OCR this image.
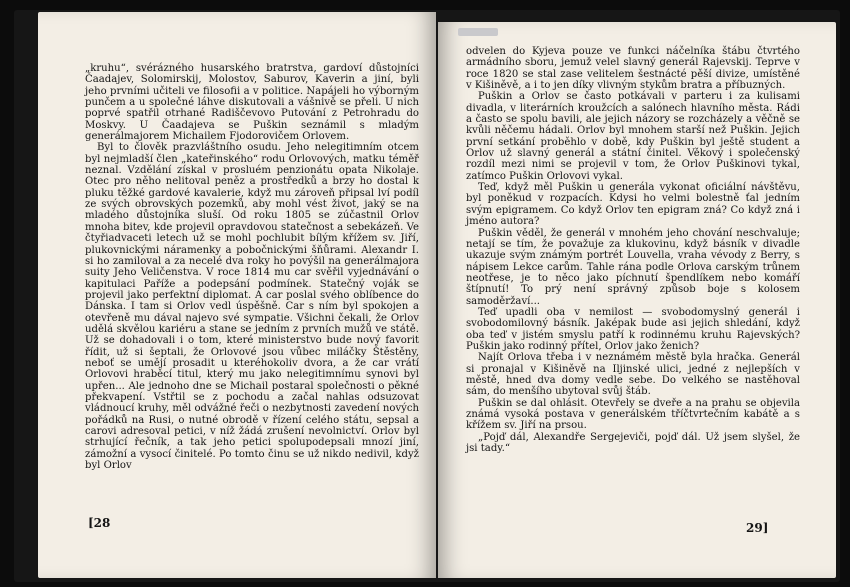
„kruhu“, svérázného husarského bratrstva, gardoví důstojníci Čaadajev, Solomirskij, Molostov, Saburov, Kaverin a jiní, byli jeho prvními učiteli ve filosofii a v politice. Napájeli ho výborným punčem a u společné láhve diskutovali a vášnivě se přeli. U nich poprvé spatřil otrhané Radiščevovo Putování z Petrohradu do Moskvy. U Čaadajeva se Puškin seznámil s mladým generálmajorem Michailem Fjodorovičem Orlovem.

Byl to člověk prazvláštního osudu. Jeho nelegitimním otcem byl nejmladší člen „kateřinského“ rodu Orlovových, matku téměř neznal. Vzdělání získal v prosluém penzionátu opata Nikolaje. Otec pro něho nelitoval peněz a prostředků a brzy ho dostal k pluku těžké gardové kavalerie, když mu zároveň připsal lví podíl ze svých obrovských pozemků, aby mohl vést život, jaký se na mladého důstojníka sluší. Od roku 1805 se zúčastnil Orlov mnoha bitev, kde projevil opravdovou statečnost a sebekázeň. Ve čtyřiadvaceti letech už se mohl pochlubit bílým křížem sv. Jiří, plukovnickými náramenky a pobočnickými šňůrami. Alexandr I. si ho zamiloval a za necelé dva roky ho povýšil na generálmajora suity Jeho Veličenstva. V roce 1814 mu car svěřil vyjednávání o kapitulaci Paříže a podepsání podmínek. Statečný voják se projevil jako perfektní diplomat. A car poslal svého oblíbence do Dánska. I tam si Orlov vedl úspěšně. Car s ním byl spokojen a otevřeně mu dával najevo své sympatie. Všichni čekali, že Orlov udělá skvělou kariéru a stane se jedním z prvních mužů ve státě. Už se dohadovali i o tom, které ministerstvo bude nový favorit řídit, už si šeptali, že Orlovové jsou vůbec miláčky Štěstěny, neboť se umějí prosadit u kteréhokoliv dvora, a že car vrátí Orlovovi hraběcí titul, který mu jako nelegitimnímu synovi byl upřen... Ale jednoho dne se Michail postaral společnosti o pěkné překvapení. Vstřtil se z pochodu a začal nahlas odsuzovat vládnoucí kruhy, měl odvážné řeči o nezbytnosti zavedení nových pořádků na Rusi, o nutné obrodě v řízení celého státu, sepsal a carovi adresoval petici, v níž žádá zrušení nevolnictví. Orlov byl strhující řečník, a tak jeho petici spolupodepsali mnozí jiní, zámožní a vysocí činitelé. Po tomto činu se už nikdo nedivil, když byl Orlov

[28

odvelen do Kyjeva pouze ve funkci náčelníka štábu čtvrtého armádního sboru, jemuž velel slavný generál Rajevskij. Teprve v roce 1820 se stal zase velitelem šestnácté pěší divize, umístěné v Kišiněvě, a i to jen díky vlivným stykům bratra a příbuzných.

Puškin a Orlov se často potkávali v parteru i za kulisami divadla, v literárních kroužcích a salónech hlavního města. Rádi a často se spolu bavili, ale jejich názory se rozcházely a věčně se kvůli něčemu hádali. Orlov byl mnohem starší než Puškin. Jejich první setkání proběhlo v době, kdy Puškin byl ještě student a Orlov už slavný generál a státní činitel. Věkový i společenský rozdíl mezi nimi se projevil v tom, že Orlov Puškinovi tykal, zatímco Puškin Orlovovi vykal.

Teď, když měl Puškin u generála vykonat oficiální návštěvu, byl poněkud v rozpacích. Kdysi ho velmi bolestně ťal jedním svým epigramem. Co když Orlov ten epigram zná? Co když zná i jméno autora?

Puškin věděl, že generál v mnohém jeho chování neschvaluje; netají se tím, že považuje za klukovinu, když básník v divadle ukazuje svým známým portrét Louvella, vraha vévody z Berry, s nápisem Lekce carům. Tahle rána podle Orlova carským trůnem neotřese, je to něco jako píchnutí špendlíkem nebo komáří štípnutí! To prý není správný způsob boje s kolosem samoděržaví...

Teď upadli oba v nemilost — svobodomyslný generál i svobodomilovný básník. Jaképak bude asi jejich shledání, když oba teď v jistém smyslu patří k rodinnému kruhu Rajevských? Puškin jako rodinný přítel, Orlov jako ženich?

Najít Orlova třeba i v neznámém městě byla hračka. Generál si pronajal v Kišiněvě na Iljinské ulici, jedné z nejlepších v městě, hned dva domy vedle sebe. Do velkého se nastěhoval sám, do menšího ubytoval svůj štáb.

Puškin se dal ohlásit. Otevřely se dveře a na prahu se objevila známá vysoká postava v generálském tříčtvrtečním kabátě a s křížem sv. Jiří na prsou.

„Pojď dál, Alexandře Sergejeviči, pojď dál. Už jsem slyšel, že jsi tady.“

29]
